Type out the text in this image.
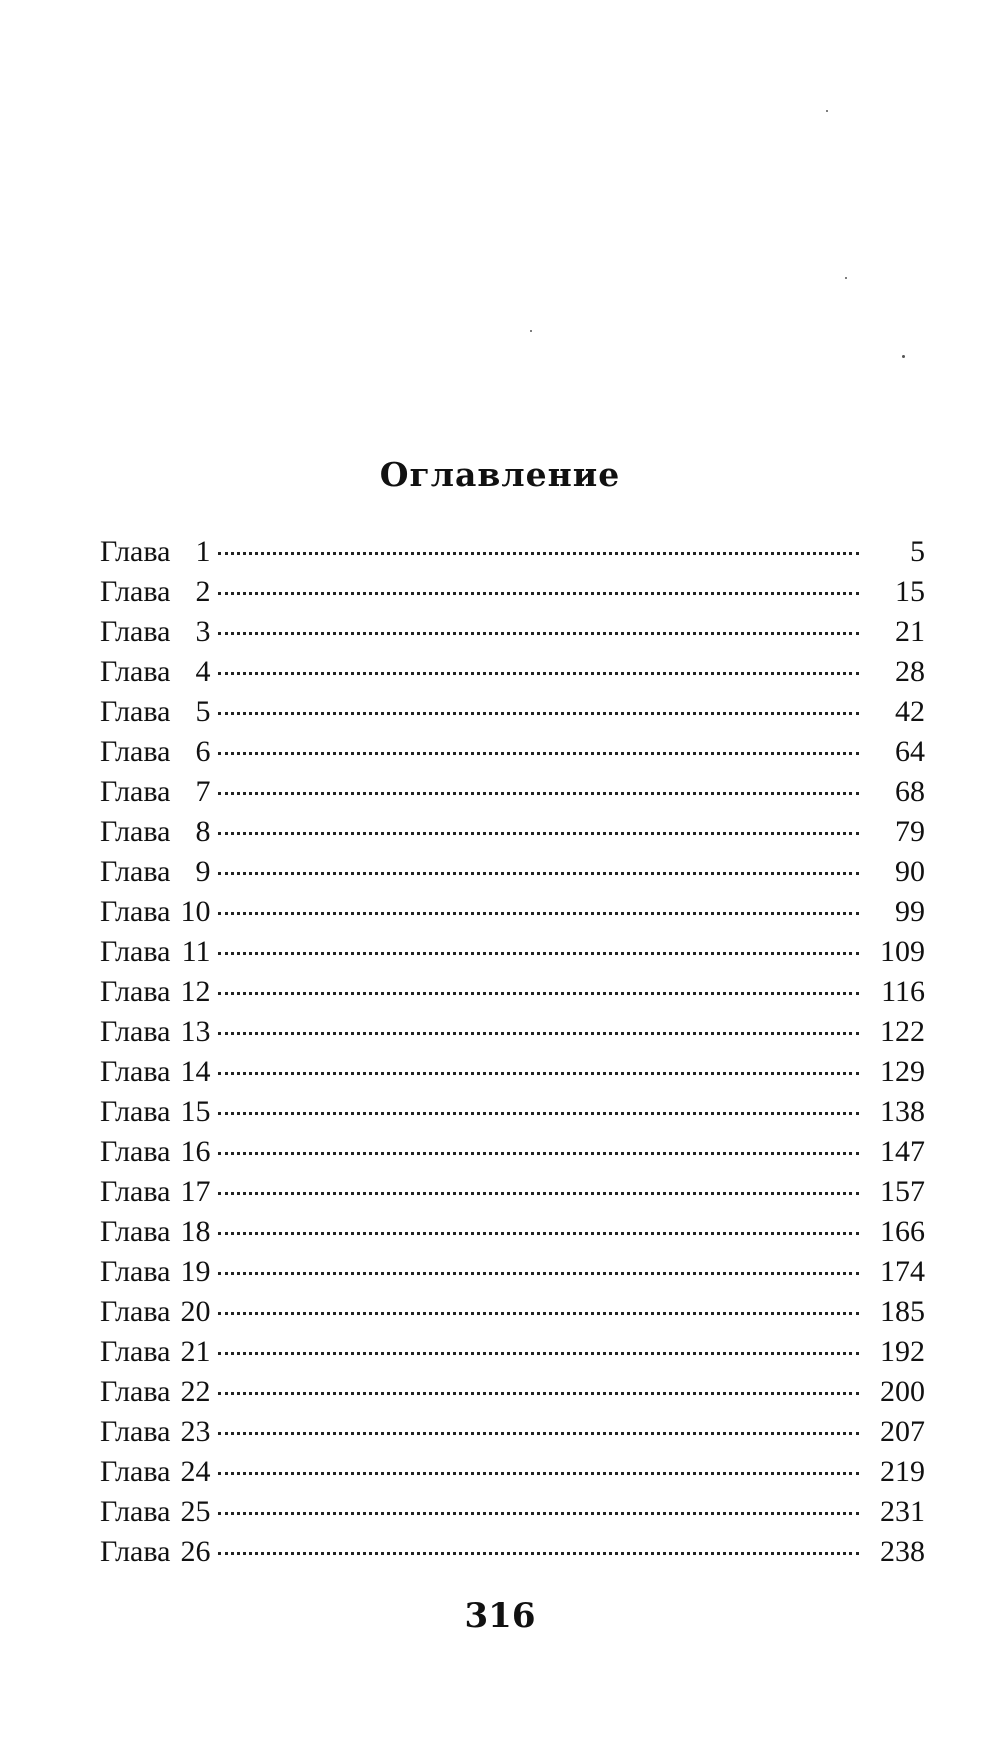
Оглавление
Глава 1	5
Глава 2	15
Глава 3	21
Глава 4	28
Глава 5	42
Глава 6	64
Глава 7	68
Глава 8	79
Глава 9	90
Глава 10	99
Глава 11	109
Глава 12	116
Глава 13	122
Глава 14	129
Глава 15	138
Глава 16	147
Глава 17	157
Глава 18	166
Глава 19	174
Глава 20	185
Глава 21	192
Глава 22	200
Глава 23	207
Глава 24	219
Глава 25	231
Глава 26	238
316
